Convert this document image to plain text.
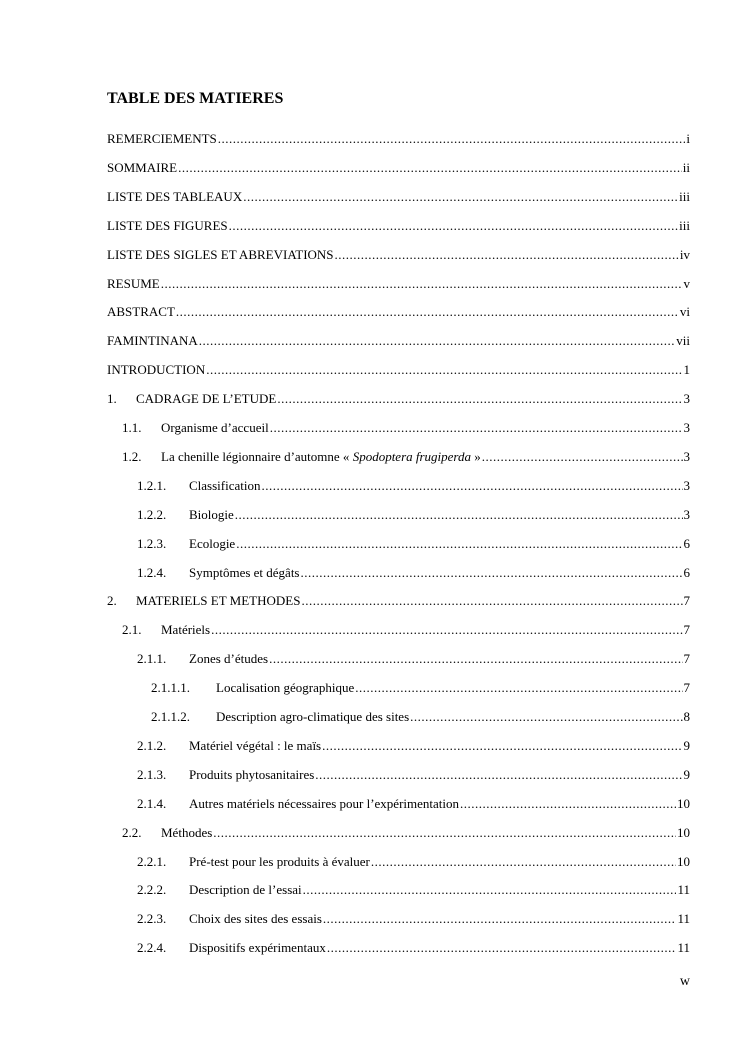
TABLE DES MATIERES
REMERCIEMENTS .....	i
SOMMAIRE .....	ii
LISTE DES TABLEAUX .....	iii
LISTE DES FIGURES .....	iii
LISTE DES SIGLES ET ABREVIATIONS .....	iv
RESUME .....	v
ABSTRACT .....	vi
FAMINTINANA .....	vii
INTRODUCTION .....	1
1.	CADRAGE DE L’ETUDE .....	3
1.1.	Organisme d’accueil .....	3
1.2.	La chenille légionnaire d’automne « Spodoptera frugiperda » .....	3
1.2.1.	Classification .....	3
1.2.2.	Biologie .....	3
1.2.3.	Ecologie .....	6
1.2.4.	Symptômes et dégâts .....	6
2.	MATERIELS ET METHODES .....	7
2.1.	Matériels .....	7
2.1.1.	Zones d’études .....	7
2.1.1.1.	Localisation géographique .....	7
2.1.1.2.	Description agro-climatique des sites .....	8
2.1.2.	Matériel végétal : le maïs .....	9
2.1.3.	Produits phytosanitaires .....	9
2.1.4.	Autres matériels nécessaires pour l’expérimentation .....	10
2.2.	Méthodes .....	10
2.2.1.	Pré-test pour les produits à évaluer .....	10
2.2.2.	Description de l’essai .....	11
2.2.3.	Choix des sites des essais .....	11
2.2.4.	Dispositifs expérimentaux .....	11
w
